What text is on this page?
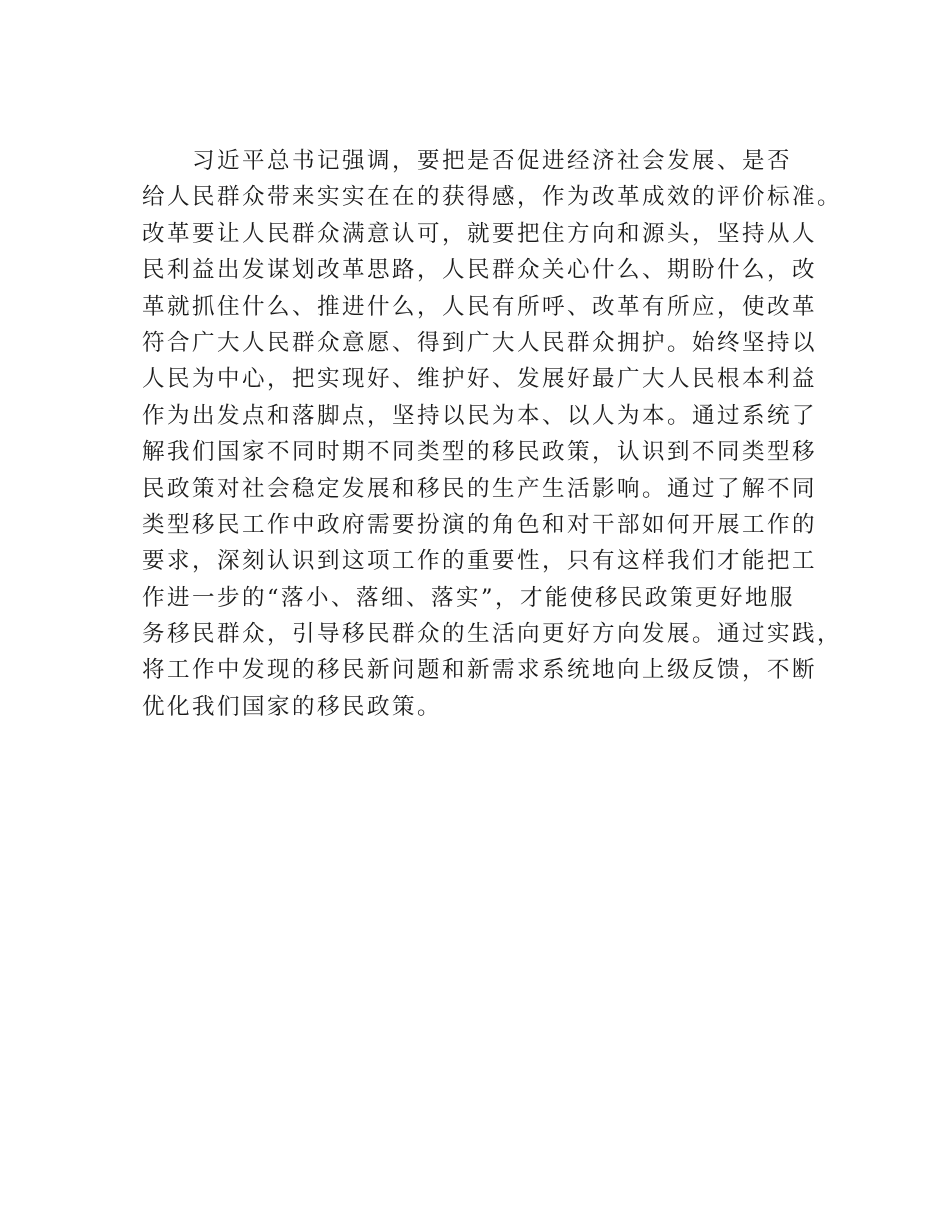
习近平总书记强调，要把是否促进经济社会发展、是否
给人民群众带来实实在在的获得感，作为改革成效的评价标准。
改革要让人民群众满意认可，就要把住方向和源头，坚持从人
民利益出发谋划改革思路，人民群众关心什么、期盼什么，改
革就抓住什么、推进什么，人民有所呼、改革有所应，使改革
符合广大人民群众意愿、得到广大人民群众拥护。始终坚持以
人民为中心，把实现好、维护好、发展好最广大人民根本利益
作为出发点和落脚点，坚持以民为本、以人为本。通过系统了
解我们国家不同时期不同类型的移民政策，认识到不同类型移
民政策对社会稳定发展和移民的生产生活影响。通过了解不同
类型移民工作中政府需要扮演的角色和对干部如何开展工作的
要求，深刻认识到这项工作的重要性，只有这样我们才能把工
作进一步的“落小、落细、落实”，才能使移民政策更好地服
务移民群众，引导移民群众的生活向更好方向发展。通过实践，
将工作中发现的移民新问题和新需求系统地向上级反馈，不断
优化我们国家的移民政策。
